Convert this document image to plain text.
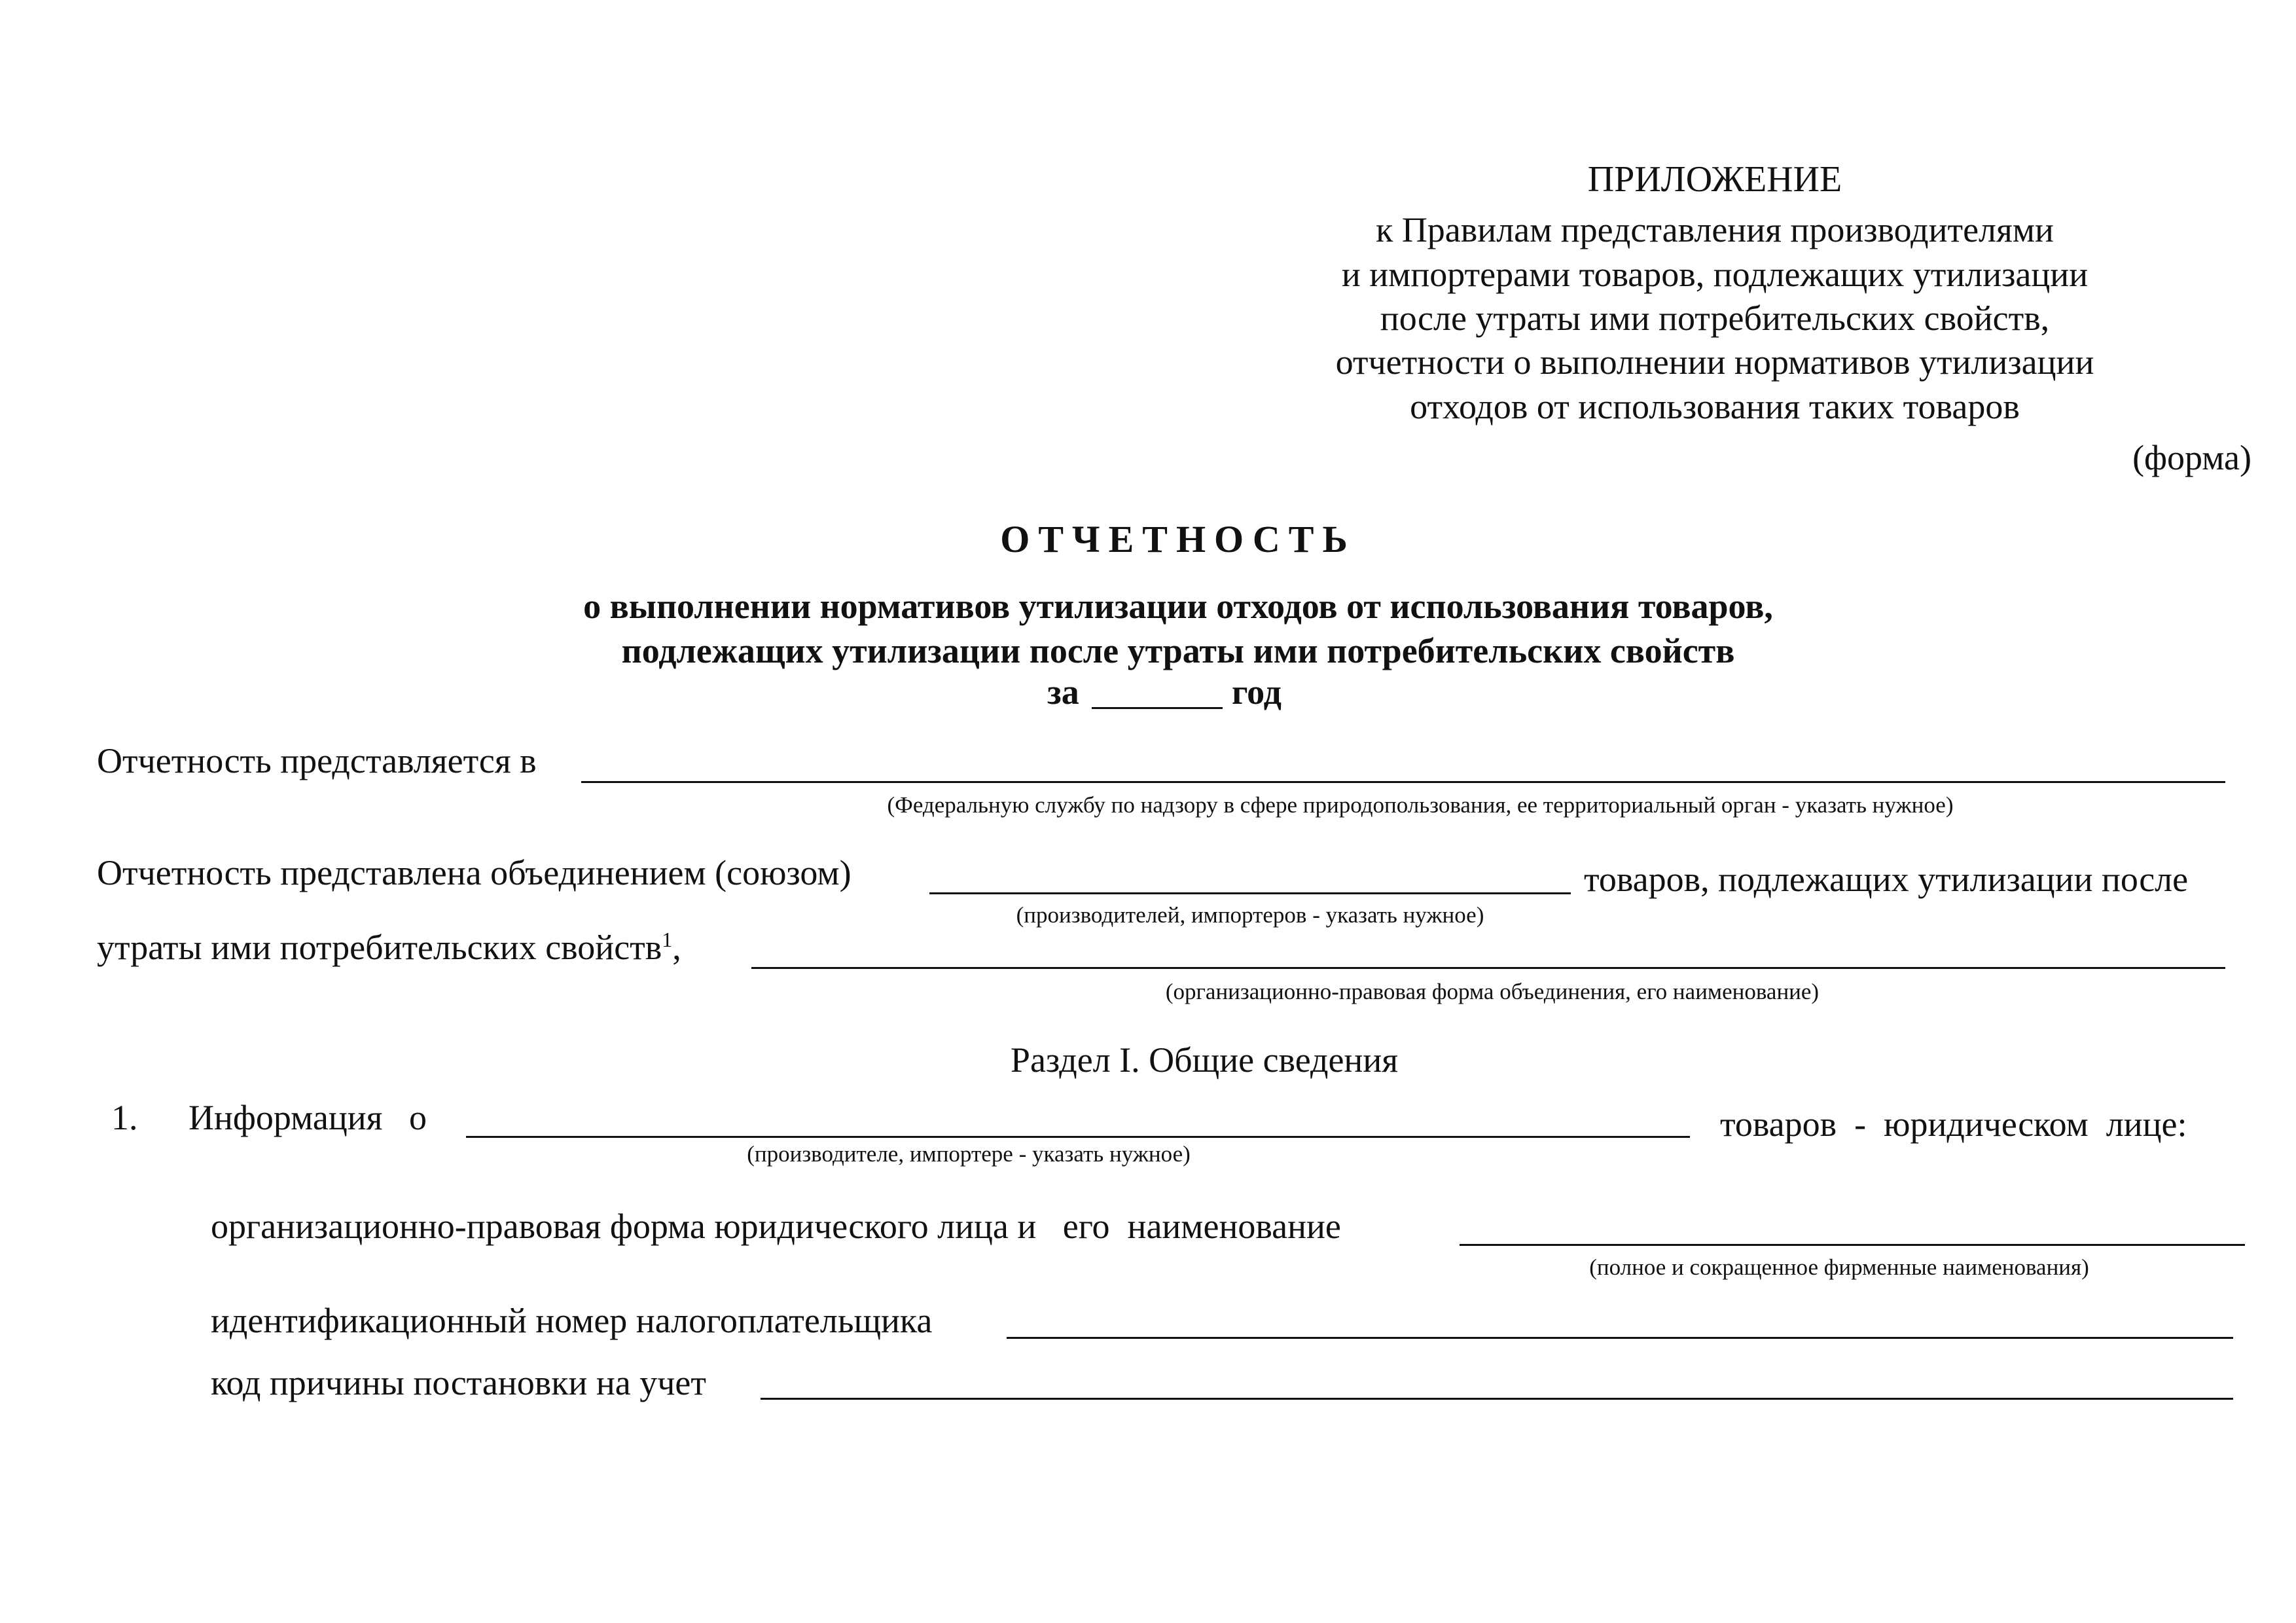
ПРИЛОЖЕНИЕ
к Правилам представления производителями
и импортерами товаров, подлежащих утилизации
после утраты ими потребительских свойств,
отчетности о выполнении нормативов утилизации
отходов от использования таких товаров
(форма)
ОТЧЕТНОСТЬ
о выполнении нормативов утилизации отходов от использования товаров,
подлежащих утилизации после утраты ими потребительских свойств
за	год
Отчетность представляется в
(Федеральную службу по надзору в сфере природопользования, ее территориальный орган - указать нужное)
Отчетность представлена объединением (союзом)	товаров, подлежащих утилизации после
(производителей, импортеров - указать нужное)
утраты ими потребительских свойств$^1$,
(организационно-правовая форма объединения, его наименование)
Раздел I. Общие сведения
1. Информация   о	товаров  -  юридическом  лице:
(производителе, импортере - указать нужное)
организационно-правовая форма юридического лица и   его  наименование
(полное и сокращенное фирменные наименования)
идентификационный номер налогоплательщика
код причины постановки на учет
